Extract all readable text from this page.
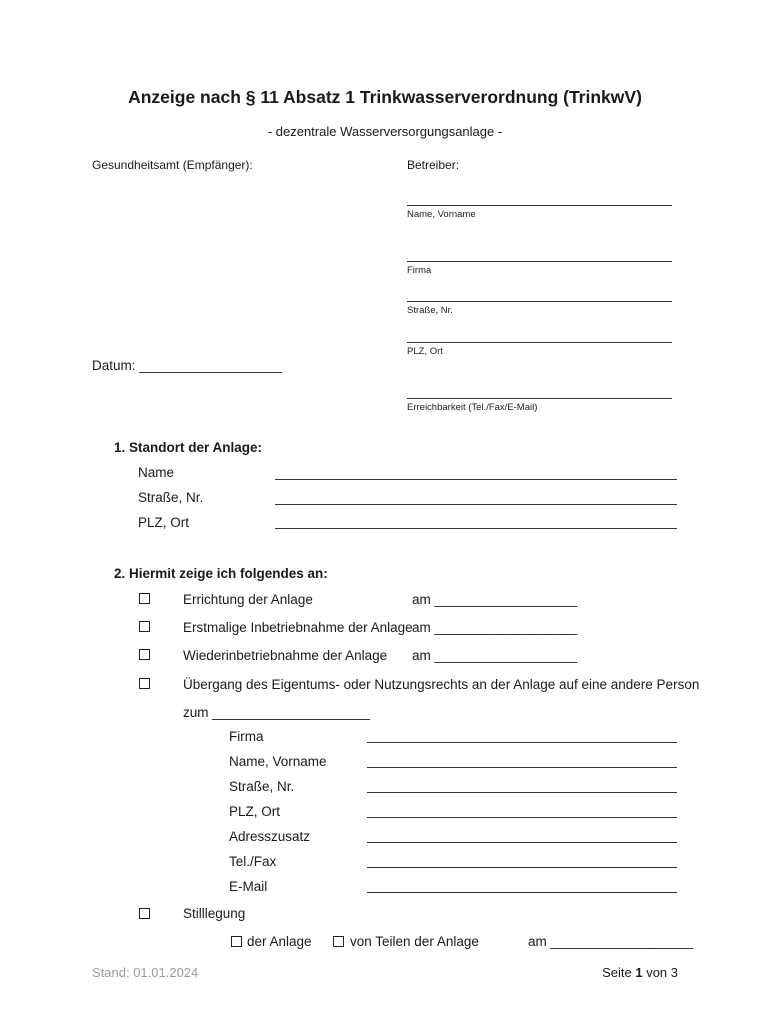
Anzeige nach § 11 Absatz 1 Trinkwasserverordnung (TrinkwV)
- dezentrale Wasserversorgungsanlage -
Gesundheitsamt (Empfänger):
Datum: ___________________
Betreiber:
Name, Vorname
Firma
Straße, Nr.
PLZ, Ort
Erreichbarkeit (Tel./Fax/E-Mail)
1. Standort der Anlage:
Name
Straße, Nr.
PLZ, Ort
2. Hiermit zeige ich folgendes an:
Errichtung der Anlage	am ___________________
Erstmalige Inbetriebnahme der Anlage am ___________________
Wiederinbetriebnahme der Anlage am ___________________
Übergang des Eigentums- oder Nutzungsrechts an der Anlage auf eine andere Person
zum _____________________
Firma
Name, Vorname
Straße, Nr.
PLZ, Ort
Adresszusatz
Tel./Fax
E-Mail
Stilllegung
der Anlage	von Teilen der Anlage	am ___________________
Stand: 01.01.2024	Seite 1 von 3
